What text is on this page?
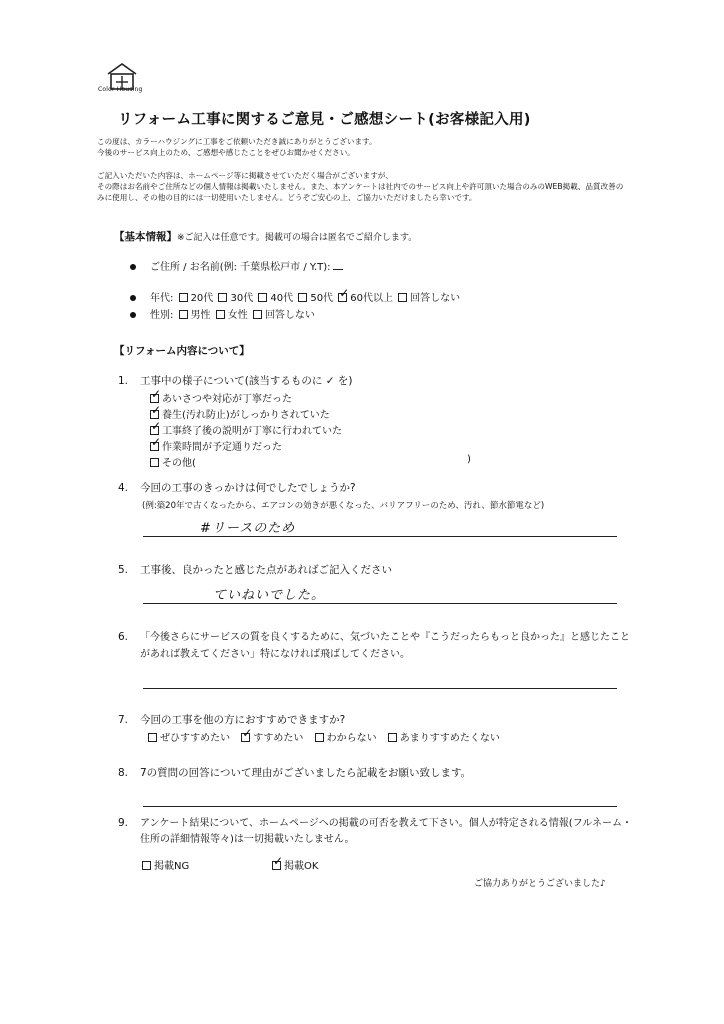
Color Housing
リフォーム工事に関するご意見・ご感想シート(お客様記入用)
この度は、カラーハウジングに工事をご依頼いただき誠にありがとうございます。
今後のサービス向上のため、ご感想や感じたことをぜひお聞かせください。
ご記入いただいた内容は、ホームページ等に掲載させていただく場合がございますが、
その際はお名前やご住所などの個人情報は掲載いたしません。また、本アンケートは社内でのサービス向上や許可頂いた場合のみのWEB掲載、品質改善の
みに使用し、その他の目的には一切使用いたしません。どうぞご安心の上、ご協力いただけましたら幸いです。
【基本情報】※ご記入は任意です。掲載可の場合は匿名でご紹介します。
ご住所 / お名前(例: 千葉県松戸市 / Y.T):
年代: 20代 30代 40代 50代 ✓ 60代以上 回答しない
性別: 男性 女性 回答しない
【リフォーム内容について】
1. 工事中の様子について(該当するものに ✓ を)
✓あいさつや対応が丁寧だった
✓養生(汚れ防止)がしっかりされていた
✓工事終了後の説明が丁寧に行われていた
✓作業時間が予定通りだった
その他(	)
4. 今回の工事のきっかけは何でしたでしょうか?
(例:築20年で古くなったから、エアコンの効きが悪くなった、バリアフリーのため、汚れ、節水節電など)
#リースのため
5. 工事後、良かったと感じた点があればご記入ください
ていねいでした。
6. 「今後さらにサービスの質を良くするために、気づいたことや『こうだったらもっと良かった』と感じたこと
があれば教えてください」特になければ飛ばしてください。
7. 今回の工事を他の方におすすめできますか?
ぜひすすめたい ✓ すすめたい わからない あまりすすめたくない
8. 7の質問の回答について理由がございましたら記載をお願い致します。
9. アンケート結果について、ホームページへの掲載の可否を教えて下さい。個人が特定される情報(フルネーム・
住所の詳細情報等々)は一切掲載いたしません。
掲載NG ✓	掲載OK
ご協力ありがとうございました♪
